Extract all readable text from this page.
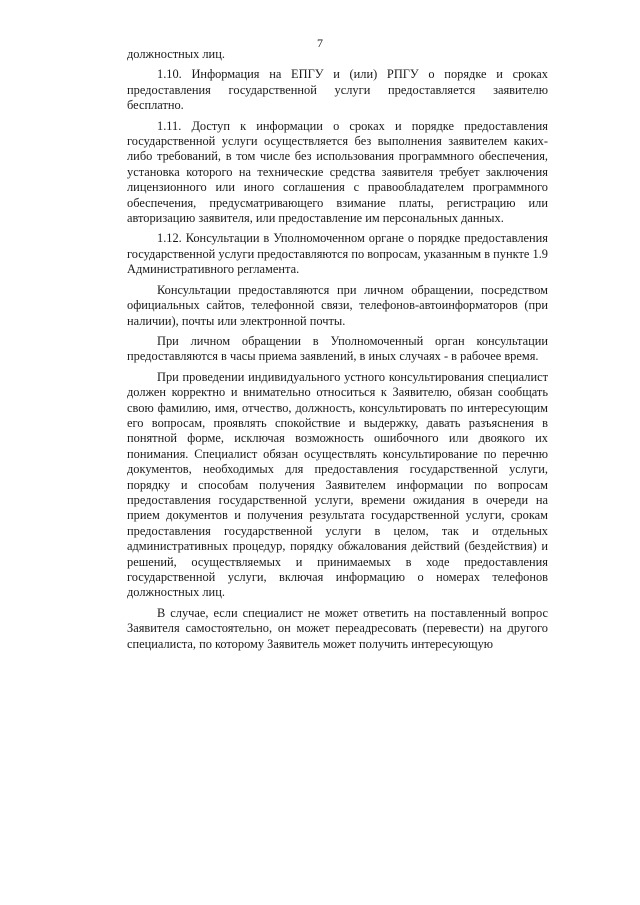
7

должностных лиц.

1.10. Информация на ЕПГУ и (или) РПГУ о порядке и сроках предоставления государственной услуги предоставляется заявителю бесплатно.

1.11. Доступ к информации о сроках и порядке предоставления государственной услуги осуществляется без выполнения заявителем каких-либо требований, в том числе без использования программного обеспечения, установка которого на технические средства заявителя требует заключения лицензионного или иного соглашения с правообладателем программного обеспечения, предусматривающего взимание платы, регистрацию или авторизацию заявителя, или предоставление им персональных данных.

1.12. Консультации в Уполномоченном органе о порядке предоставления государственной услуги предоставляются по вопросам, указанным в пункте 1.9 Административного регламента.

Консультации предоставляются при личном обращении, посредством официальных сайтов, телефонной связи, телефонов-автоинформаторов (при наличии), почты или электронной почты.

При личном обращении в Уполномоченный орган консультации предоставляются в часы приема заявлений, в иных случаях - в рабочее время.

При проведении индивидуального устного консультирования специалист должен корректно и внимательно относиться к Заявителю, обязан сообщать свою фамилию, имя, отчество, должность, консультировать по интересующим его вопросам, проявлять спокойствие и выдержку, давать разъяснения в понятной форме, исключая возможность ошибочного или двоякого их понимания. Специалист обязан осуществлять консультирование по перечню документов, необходимых для предоставления государственной услуги, порядку и способам получения Заявителем информации по вопросам предоставления государственной услуги, времени ожидания в очереди на прием документов и получения результата государственной услуги, срокам предоставления государственной услуги в целом, так и отдельных административных процедур, порядку обжалования действий (бездействия) и решений, осуществляемых и принимаемых в ходе предоставления государственной услуги, включая информацию о номерах телефонов должностных лиц.

В случае, если специалист не может ответить на поставленный вопрос Заявителя самостоятельно, он может переадресовать (перевести) на другого специалиста, по которому Заявитель может получить интересующую
